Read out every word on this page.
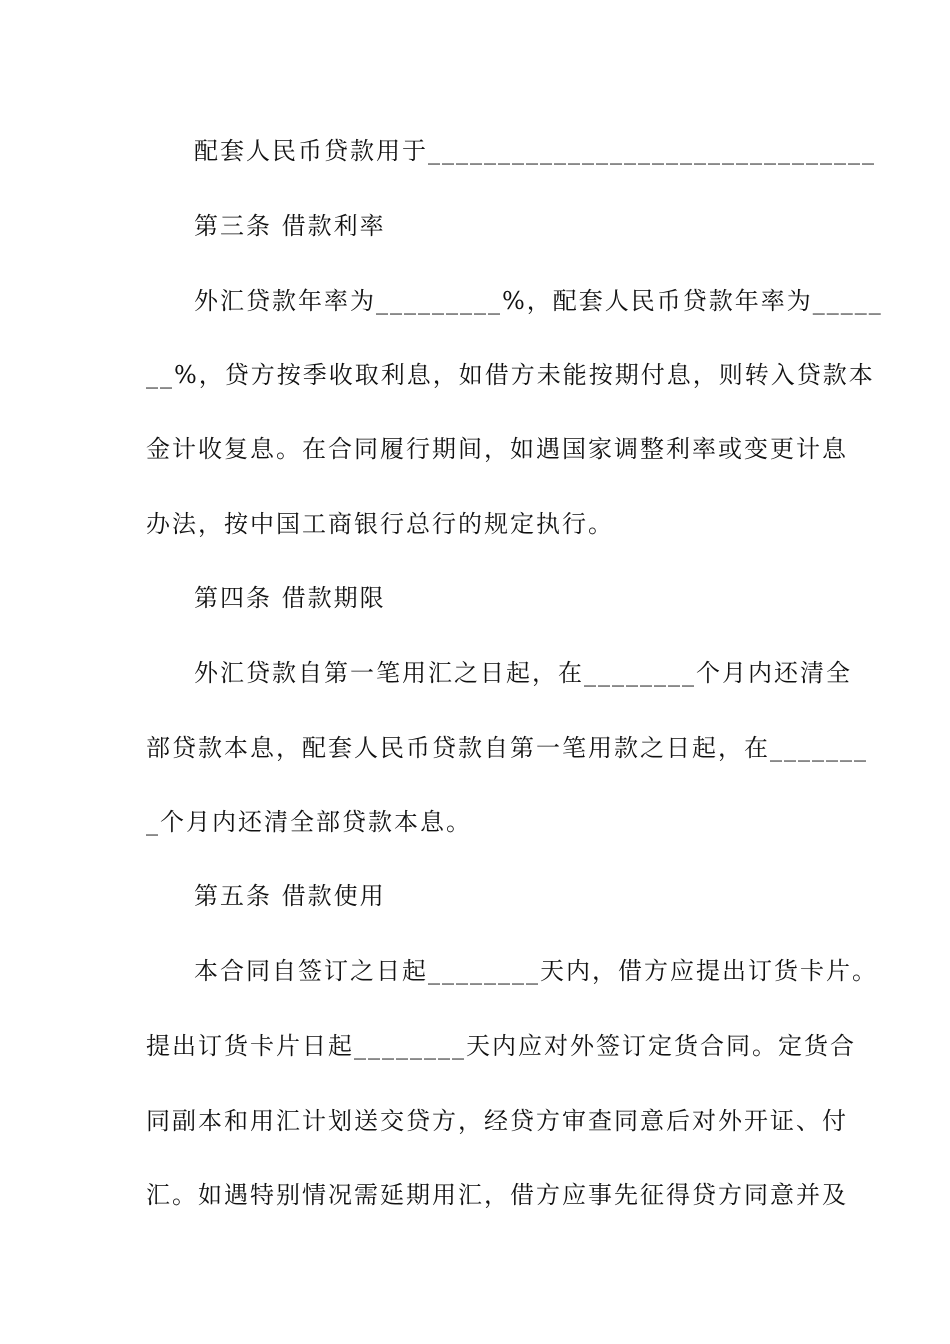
配套人民币贷款用于________________________________

第三条 借款利率

外汇贷款年率为_________%，配套人民币贷款年率为_____

__%，贷方按季收取利息，如借方未能按期付息，则转入贷款本

金计收复息。在合同履行期间，如遇国家调整利率或变更计息

办法，按中国工商银行总行的规定执行。

第四条 借款期限

外汇贷款自第一笔用汇之日起，在________个月内还清全

部贷款本息，配套人民币贷款自第一笔用款之日起，在_______

_个月内还清全部贷款本息。

第五条 借款使用

本合同自签订之日起________天内，借方应提出订货卡片。

提出订货卡片日起________天内应对外签订定货合同。定货合

同副本和用汇计划送交贷方，经贷方审查同意后对外开证、付

汇。如遇特别情况需延期用汇，借方应事先征得贷方同意并及
